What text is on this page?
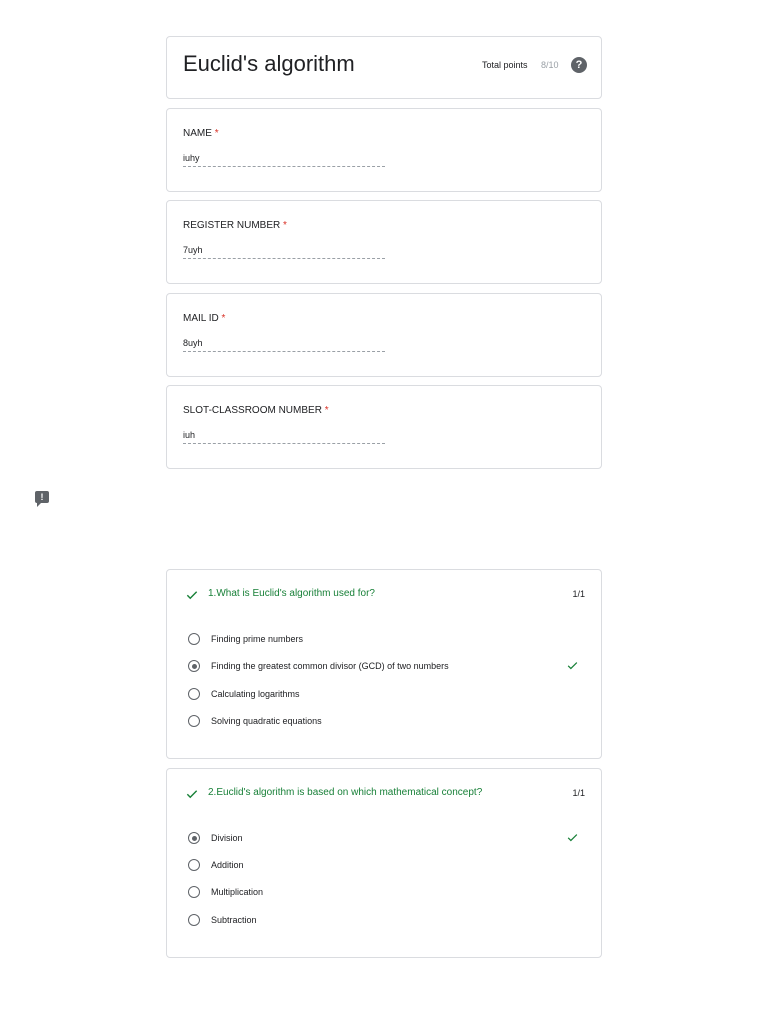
Euclid's algorithm	Total points 8/10	?
NAME *
iuhy
REGISTER NUMBER *
7uyh
MAIL ID *
8uyh
SLOT-CLASSROOM NUMBER *
iuh
!
1.What is Euclid's algorithm used for?	1/1
Finding prime numbers
Finding the greatest common divisor (GCD) of two numbers
Calculating logarithms
Solving quadratic equations
2.Euclid's algorithm is based on which mathematical concept?	1/1
Division
Addition
Multiplication
Subtraction
